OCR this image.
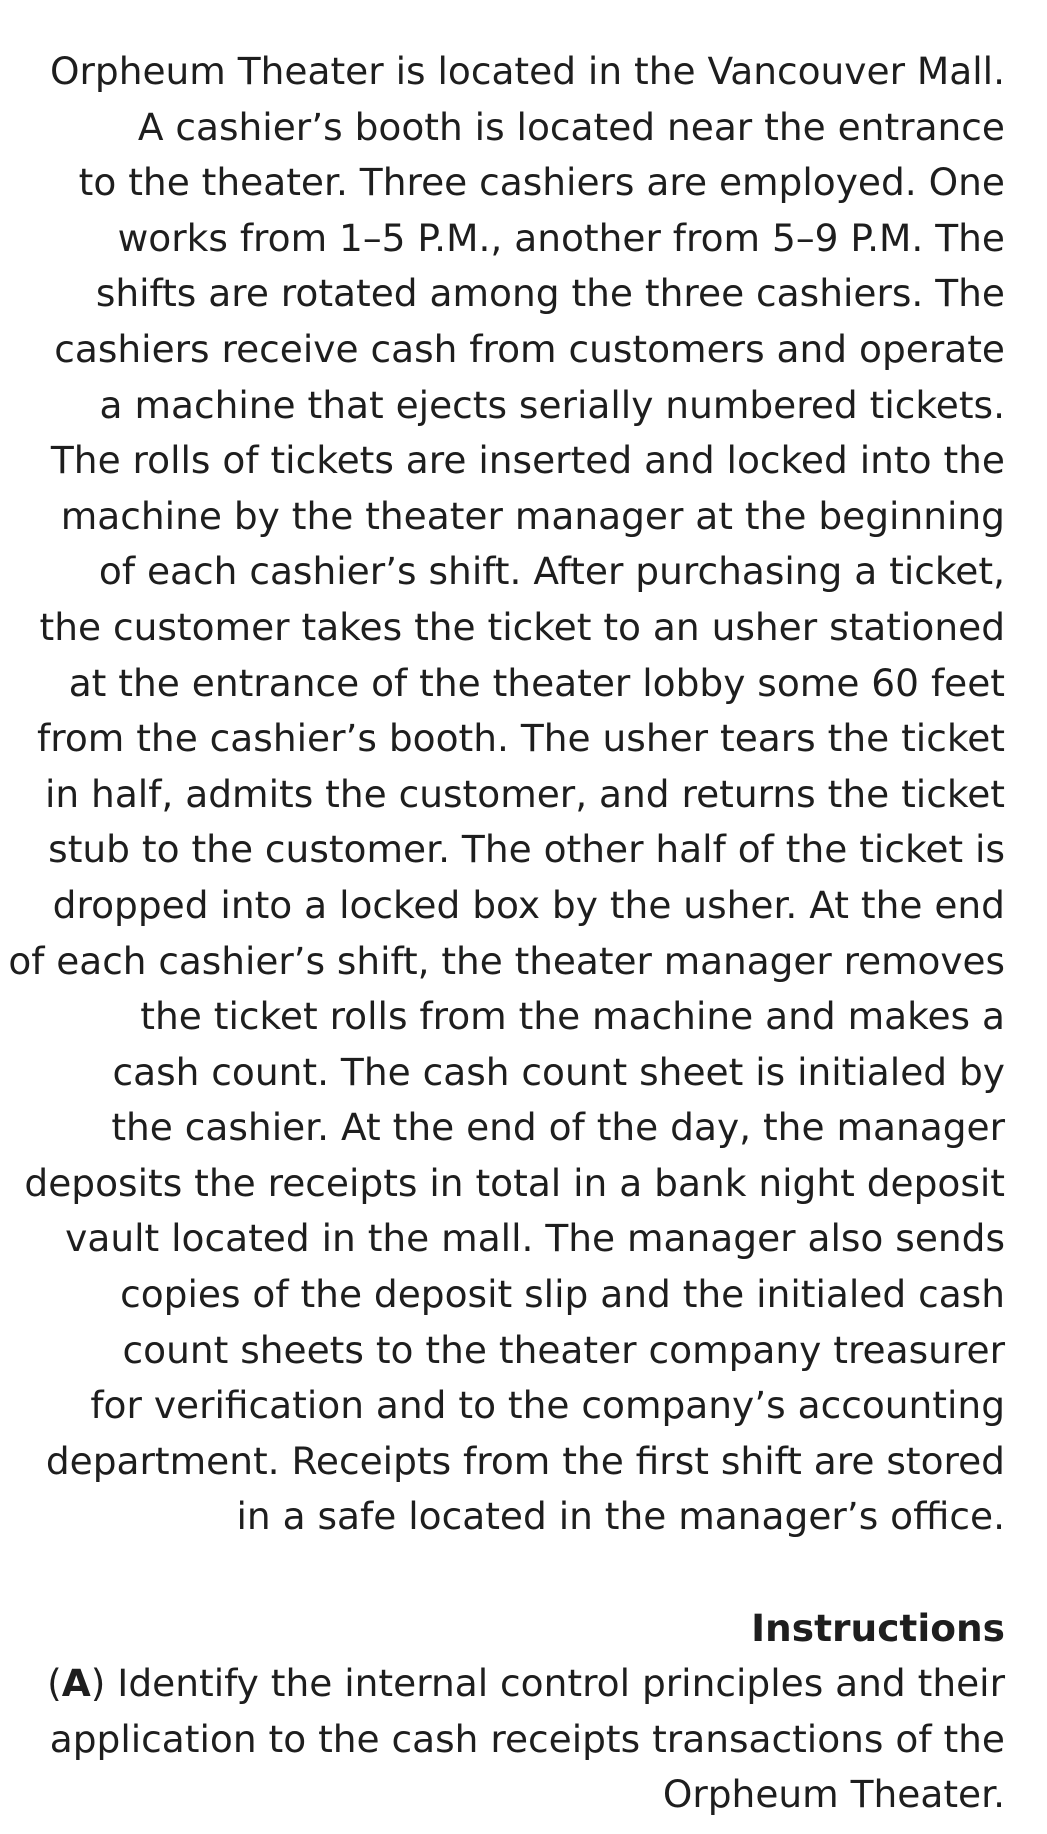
Orpheum Theater is located in the Vancouver Mall.
A cashier’s booth is located near the entrance
to the theater. Three cashiers are employed. One
works from 1–5 P.M., another from 5–9 P.M. The
shifts are rotated among the three cashiers. The
cashiers receive cash from customers and operate
a machine that ejects serially numbered tickets.
The rolls of tickets are inserted and locked into the
machine by the theater manager at the beginning
of each cashier’s shift. After purchasing a ticket,
the customer takes the ticket to an usher stationed
at the entrance of the theater lobby some 60 feet
from the cashier’s booth. The usher tears the ticket
in half, admits the customer, and returns the ticket
stub to the customer. The other half of the ticket is
dropped into a locked box by the usher. At the end
of each cashier’s shift, the theater manager removes
the ticket rolls from the machine and makes a
cash count. The cash count sheet is initialed by
the cashier. At the end of the day, the manager
deposits the receipts in total in a bank night deposit
vault located in the mall. The manager also sends
copies of the deposit slip and the initialed cash
count sheets to the theater company treasurer
for verification and to the company’s accounting
department. Receipts from the first shift are stored
in a safe located in the manager’s office.
Instructions
(A) Identify the internal control principles and their
application to the cash receipts transactions of the
Orpheum Theater.
